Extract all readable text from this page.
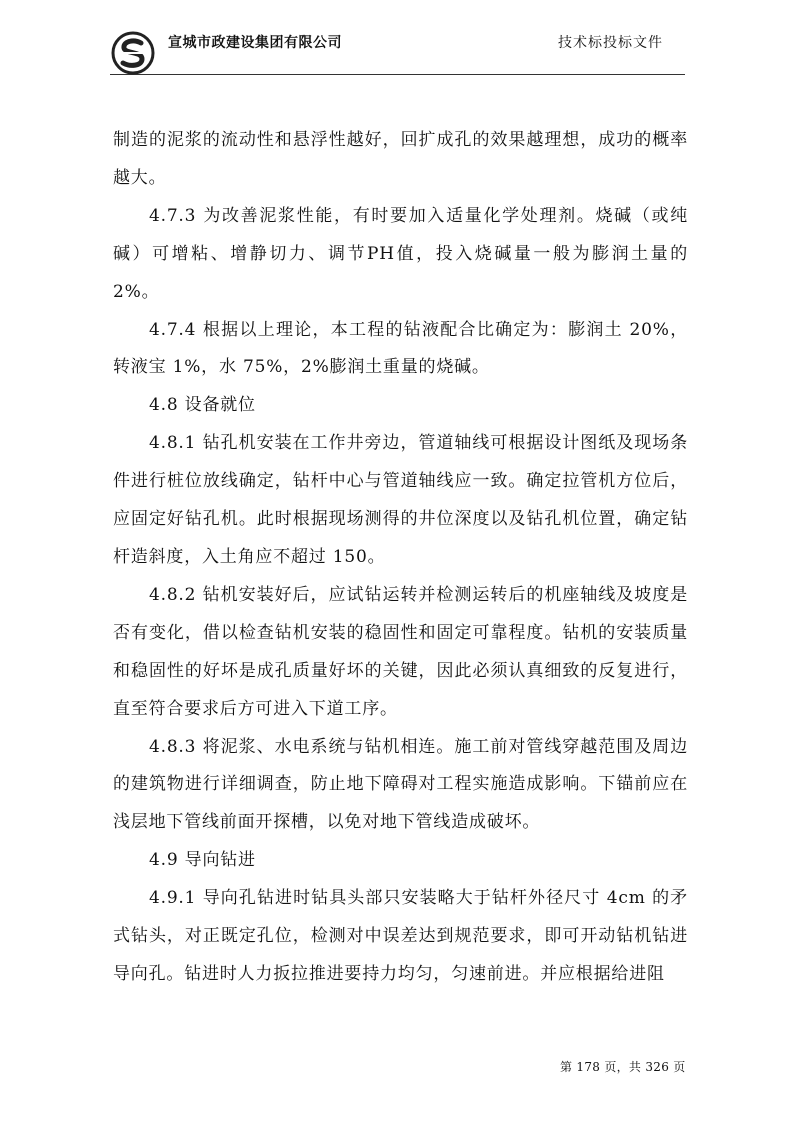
宣城市政建设集团有限公司	技术标投标文件

制造的泥浆的流动性和悬浮性越好，回扩成孔的效果越理想，成功的概率越大。

4.7.3 为改善泥浆性能，有时要加入适量化学处理剂。烧碱（或纯碱）可增粘、增静切力、调节PH值，投入烧碱量一般为膨润土量的 2%。

4.7.4 根据以上理论，本工程的钻液配合比确定为：膨润土 20%，转液宝 1%，水 75%，2%膨润土重量的烧碱。

4.8 设备就位

4.8.1 钻孔机安装在工作井旁边，管道轴线可根据设计图纸及现场条件进行桩位放线确定，钻杆中心与管道轴线应一致。确定拉管机方位后，应固定好钻孔机。此时根据现场测得的井位深度以及钻孔机位置，确定钻杆造斜度，入土角应不超过 150。

4.8.2 钻机安装好后，应试钻运转并检测运转后的机座轴线及坡度是否有变化，借以检查钻机安装的稳固性和固定可靠程度。钻机的安装质量和稳固性的好坏是成孔质量好坏的关键，因此必须认真细致的反复进行，直至符合要求后方可进入下道工序。

4.8.3 将泥浆、水电系统与钻机相连。施工前对管线穿越范围及周边的建筑物进行详细调查，防止地下障碍对工程实施造成影响。下锚前应在浅层地下管线前面开探槽，以免对地下管线造成破坏。

4.9 导向钻进

4.9.1 导向孔钻进时钻具头部只安装略大于钻杆外径尺寸 4cm 的矛式钻头，对正既定孔位，检测对中误差达到规范要求，即可开动钻机钻进导向孔。钻进时人力扳拉推进要持力均匀，匀速前进。并应根据给进阻

第 178 页，共 326 页
